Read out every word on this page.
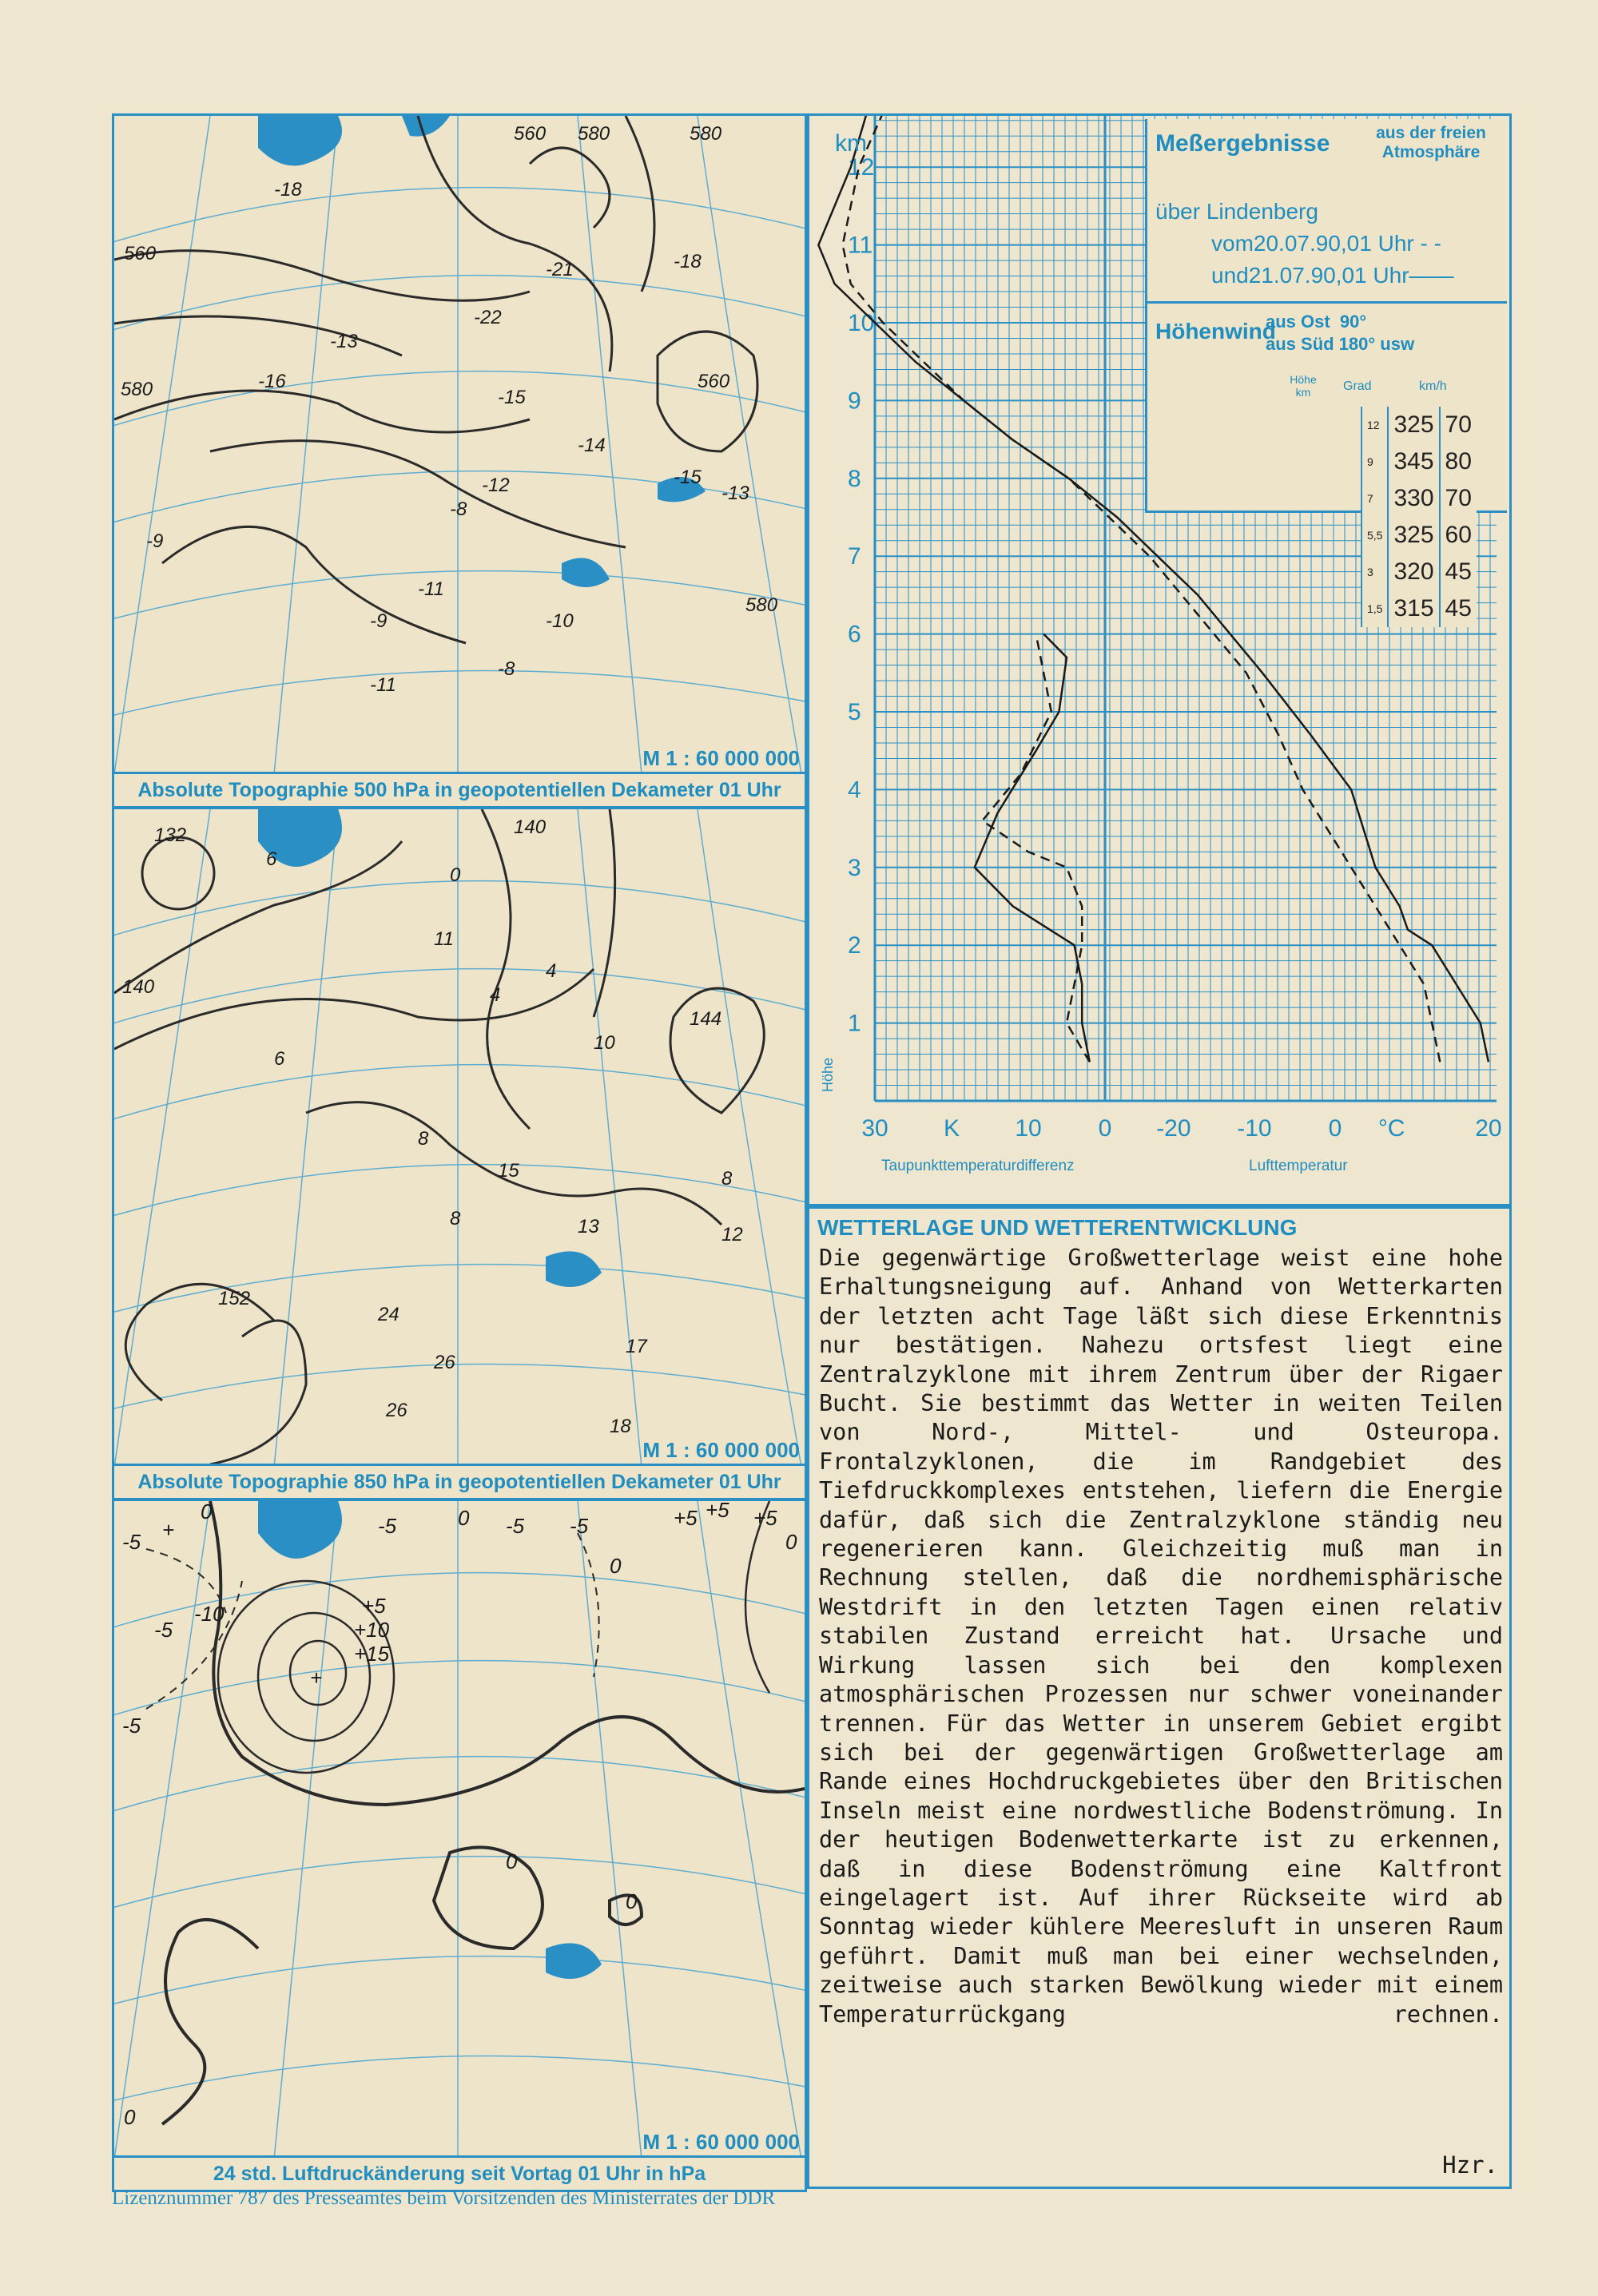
560
580
560 580	580
560
580
-18
-22
-13
-16
-15
-14
-12
-9
-8
-11
-9	-10
-13
-15
-21	-18
-8
-11
M 1 : 60 000 000
Absolute Topographie 500 hPa in geopotentiellen Dekameter 01 Uhr
132
140
140
144
152
6
0
4
6
8
10
8
12
13
17
18
24
26
26
4
8
15
11
M 1 : 60 000 000
Absolute Topographie 850 hPa in geopotentiellen Dekameter 01 Uhr
0
+
-5
-5
-10
-5
-5	-5 -5
0	+5	+5
+5
+10
+15
+
0
0
0
+5
0
0
M 1 : 60 000 000
24 std. Luftdruckänderung seit Vortag 01 Uhr in hPa
1
2
3
4
5
6
7
8
9
10
11
12
30 K 10 0 -20 -10 0 °C	20
Meßergebnisse	aus der freien Atmosphäre
über Lindenberg
vom20.07.90,01 Uhr - -
und21.07.90,01 Uhr——
Höhenwind
aus Ost  90°
aus Süd 180° usw
Höhe km	Grad	km/h
12	325	70
9	345	80
7	330	70
5,5	325	60
3	320	45
1,5	315	45
km
Höhe
Taupunkttemperaturdifferenz	Lufttemperatur
WETTERLAGE UND WETTERENTWICKLUNG
Die gegenwärtige Großwetterlage weist eine hohe Erhaltungsneigung auf. Anhand von Wetterkarten der letzten acht Tage läßt sich diese Erkenntnis nur bestätigen. Nahezu ortsfest liegt eine Zentralzyklone mit ihrem Zentrum über der Rigaer Bucht. Sie bestimmt das Wetter in weiten Teilen von Nord-, Mittel- und Osteuropa. Frontalzyklonen, die im Randgebiet des Tiefdruckkomplexes entstehen, liefern die Energie dafür, daß sich die Zentralzyklone ständig neu regenerieren kann. Gleichzeitig muß man in Rechnung stellen, daß die nordhemisphärische Westdrift in den letzten Tagen einen relativ stabilen Zustand erreicht hat. Ursache und Wirkung lassen sich bei den komplexen atmosphärischen Prozessen nur schwer voneinander trennen. Für das Wetter in unserem Gebiet ergibt sich bei der gegenwärtigen Großwetterlage am Rande eines Hochdruckgebietes über den Britischen Inseln meist eine nordwestliche Bodenströmung. In der heutigen Bodenwetterkarte ist zu erkennen, daß in diese Bodenströmung eine Kaltfront eingelagert ist. Auf ihrer Rückseite wird ab Sonntag wieder kühlere Meeresluft in unseren Raum geführt. Damit muß man bei einer wechselnden, zeitweise auch starken Bewölkung wieder mit einem Temperaturrückgang rechnen.
Hzr.
Lizenznummer 787 des Presseamtes beim Vorsitzenden des Ministerrates der DDR
